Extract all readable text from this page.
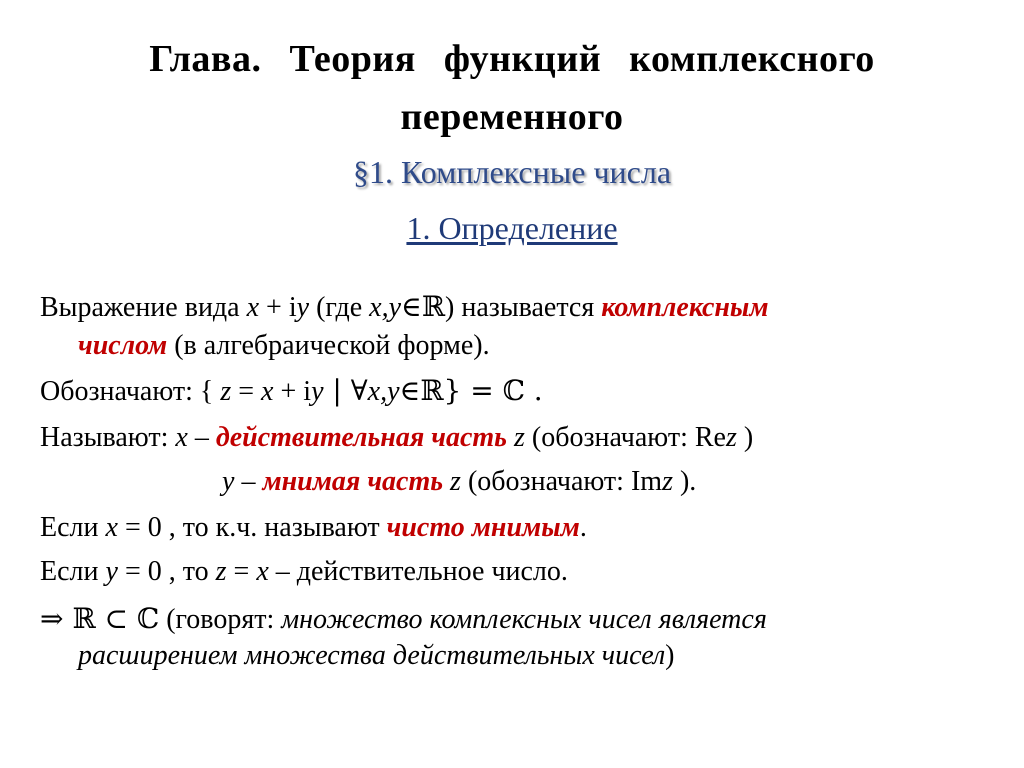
Глава. Теория функций комплексного
переменного
§1. Комплексные числа
1. Определение
Выражение вида x + iy (где x,y∈ℝ) называется комплексным
числом (в алгебраической форме).
Обозначают: { z = x + iy | ∀x,y∈ℝ} = ℂ .
Называют: x – действительная часть z (обозначают: Rez )
y – мнимая часть z (обозначают: Imz ).
Если x = 0 , то к.ч. называют чисто мнимым.
Если y = 0 , то z = x – действительное число.
⇒ ℝ ⊂ ℂ (говорят: множество комплексных чисел является
расширением множества действительных чисел)
